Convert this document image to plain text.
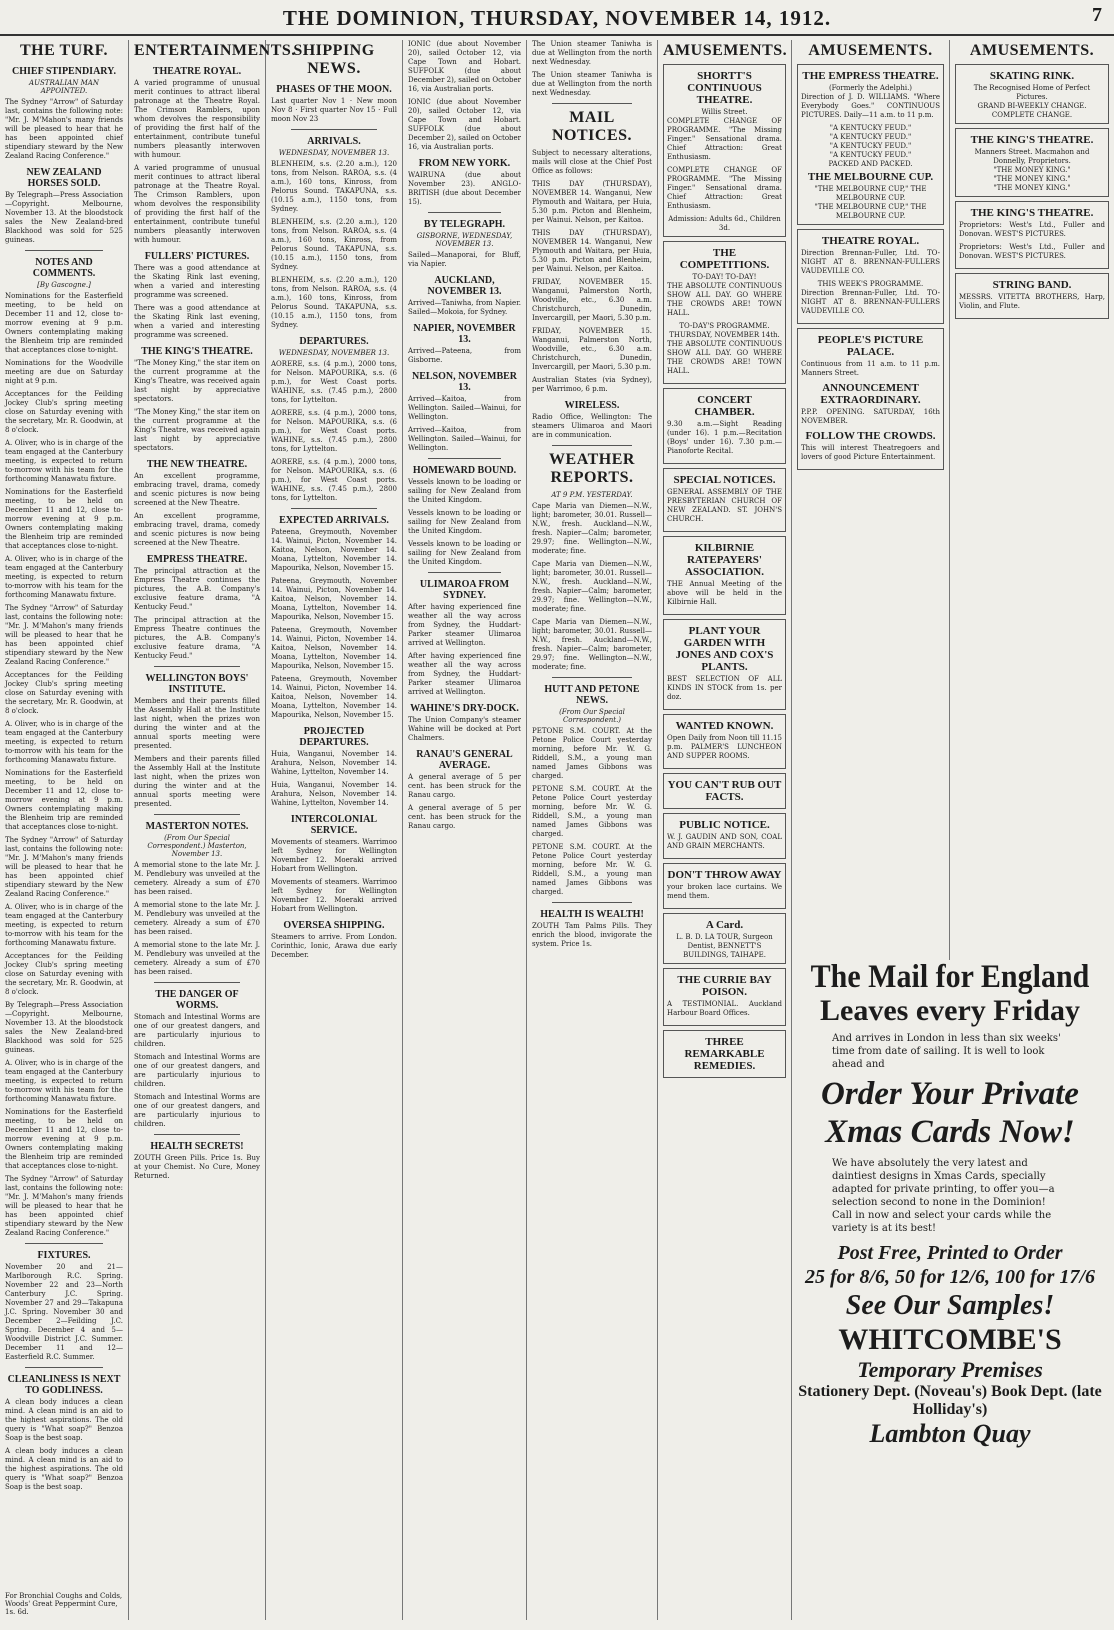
THE DOMINION, THURSDAY, NOVEMBER 14, 1912.	7
THE TURF.
CHIEF STIPENDIARY.
AUSTRALIAN MAN APPOINTED.
The Sydney "Arrow" of Saturday last, contains the following note: "Mr. J. M'Mahon's many friends will be pleased to hear that he has been appointed chief stipendiary steward by the New Zealand Racing Conference."
NEW ZEALAND HORSES SOLD.
By Telegraph—Press Association—Copyright. Melbourne, November 13. At the bloodstock sales the New Zealand-bred Blackhood was sold for 525 guineas.
NOTES AND COMMENTS.
[By Gascogne.]
Nominations for the Easterfield meeting, to be held on December 11 and 12, close to-morrow evening at 9 p.m. Owners contemplating making the Blenheim trip are reminded that acceptances close to-night.
Nominations for the Woodville meeting are due on Saturday night at 9 p.m.
Acceptances for the Feilding Jockey Club's spring meeting close on Saturday evening with the secretary, Mr. R. Goodwin, at 8 o'clock.
A. Oliver, who is in charge of the team engaged at the Canterbury meeting, is expected to return to-morrow with his team for the forthcoming Manawatu fixture.
Nominations for the Easterfield meeting, to be held on December 11 and 12, close to-morrow evening at 9 p.m. Owners contemplating making the Blenheim trip are reminded that acceptances close to-night.
A. Oliver, who is in charge of the team engaged at the Canterbury meeting, is expected to return to-morrow with his team for the forthcoming Manawatu fixture.
The Sydney "Arrow" of Saturday last, contains the following note: "Mr. J. M'Mahon's many friends will be pleased to hear that he has been appointed chief stipendiary steward by the New Zealand Racing Conference."
Acceptances for the Feilding Jockey Club's spring meeting close on Saturday evening with the secretary, Mr. R. Goodwin, at 8 o'clock.
A. Oliver, who is in charge of the team engaged at the Canterbury meeting, is expected to return to-morrow with his team for the forthcoming Manawatu fixture.
Nominations for the Easterfield meeting, to be held on December 11 and 12, close to-morrow evening at 9 p.m. Owners contemplating making the Blenheim trip are reminded that acceptances close to-night.
The Sydney "Arrow" of Saturday last, contains the following note: "Mr. J. M'Mahon's many friends will be pleased to hear that he has been appointed chief stipendiary steward by the New Zealand Racing Conference."
A. Oliver, who is in charge of the team engaged at the Canterbury meeting, is expected to return to-morrow with his team for the forthcoming Manawatu fixture.
Acceptances for the Feilding Jockey Club's spring meeting close on Saturday evening with the secretary, Mr. R. Goodwin, at 8 o'clock.
By Telegraph—Press Association—Copyright. Melbourne, November 13. At the bloodstock sales the New Zealand-bred Blackhood was sold for 525 guineas.
A. Oliver, who is in charge of the team engaged at the Canterbury meeting, is expected to return to-morrow with his team for the forthcoming Manawatu fixture.
Nominations for the Easterfield meeting, to be held on December 11 and 12, close to-morrow evening at 9 p.m. Owners contemplating making the Blenheim trip are reminded that acceptances close to-night.
The Sydney "Arrow" of Saturday last, contains the following note: "Mr. J. M'Mahon's many friends will be pleased to hear that he has been appointed chief stipendiary steward by the New Zealand Racing Conference."
FIXTURES.
November 20 and 21—Marlborough R.C. Spring. November 22 and 23—North Canterbury J.C. Spring. November 27 and 29—Takapuna J.C. Spring. November 30 and December 2—Feilding J.C. Spring. December 4 and 5—Woodville District J.C. Summer. December 11 and 12—Easterfield R.C. Summer.
CLEANLINESS IS NEXT TO GODLINESS.
A clean body induces a clean mind. A clean mind is an aid to the highest aspirations. The old query is "What soap?" Benzoa Soap is the best soap.
A clean body induces a clean mind. A clean mind is an aid to the highest aspirations. The old query is "What soap?" Benzoa Soap is the best soap.
For Bronchial Coughs and Colds, Woods' Great Peppermint Cure, 1s. 6d.
ENTERTAINMENTS.
THEATRE ROYAL.
A varied programme of unusual merit continues to attract liberal patronage at the Theatre Royal. The Crimson Ramblers, upon whom devolves the responsibility of providing the first half of the entertainment, contribute tuneful numbers pleasantly interwoven with humour.
A varied programme of unusual merit continues to attract liberal patronage at the Theatre Royal. The Crimson Ramblers, upon whom devolves the responsibility of providing the first half of the entertainment, contribute tuneful numbers pleasantly interwoven with humour.
FULLERS' PICTURES.
There was a good attendance at the Skating Rink last evening, when a varied and interesting programme was screened.
There was a good attendance at the Skating Rink last evening, when a varied and interesting programme was screened.
THE KING'S THEATRE.
"The Money King," the star item on the current programme at the King's Theatre, was received again last night by appreciative spectators.
"The Money King," the star item on the current programme at the King's Theatre, was received again last night by appreciative spectators.
THE NEW THEATRE.
An excellent programme, embracing travel, drama, comedy and scenic pictures is now being screened at the New Theatre.
An excellent programme, embracing travel, drama, comedy and scenic pictures is now being screened at the New Theatre.
EMPRESS THEATRE.
The principal attraction at the Empress Theatre continues the pictures, the A.B. Company's exclusive feature drama, "A Kentucky Feud."
The principal attraction at the Empress Theatre continues the pictures, the A.B. Company's exclusive feature drama, "A Kentucky Feud."
WELLINGTON BOYS' INSTITUTE.
Members and their parents filled the Assembly Hall at the Institute last night, when the prizes won during the winter and at the annual sports meeting were presented.
Members and their parents filled the Assembly Hall at the Institute last night, when the prizes won during the winter and at the annual sports meeting were presented.
MASTERTON NOTES.
(From Our Special Correspondent.) Masterton, November 13.
A memorial stone to the late Mr. J. M. Pendlebury was unveiled at the cemetery. Already a sum of £70 has been raised.
A memorial stone to the late Mr. J. M. Pendlebury was unveiled at the cemetery. Already a sum of £70 has been raised.
A memorial stone to the late Mr. J. M. Pendlebury was unveiled at the cemetery. Already a sum of £70 has been raised.
THE DANGER OF WORMS.
Stomach and Intestinal Worms are one of our greatest dangers, and are particularly injurious to children.
Stomach and Intestinal Worms are one of our greatest dangers, and are particularly injurious to children.
Stomach and Intestinal Worms are one of our greatest dangers, and are particularly injurious to children.
HEALTH SECRETS!
ZOUTH Green Pills. Price 1s. Buy at your Chemist. No Cure, Money Returned.
SHIPPING NEWS.
PHASES OF THE MOON.
Last quarter Nov 1 · New moon Nov 8 · First quarter Nov 15 · Full moon Nov 23
ARRIVALS.
WEDNESDAY, NOVEMBER 13.
BLENHEIM, s.s. (2.20 a.m.), 120 tons, from Nelson. RAROA, s.s. (4 a.m.), 160 tons, Kinross, from Pelorus Sound. TAKAPUNA, s.s. (10.15 a.m.), 1150 tons, from Sydney.
BLENHEIM, s.s. (2.20 a.m.), 120 tons, from Nelson. RAROA, s.s. (4 a.m.), 160 tons, Kinross, from Pelorus Sound. TAKAPUNA, s.s. (10.15 a.m.), 1150 tons, from Sydney.
BLENHEIM, s.s. (2.20 a.m.), 120 tons, from Nelson. RAROA, s.s. (4 a.m.), 160 tons, Kinross, from Pelorus Sound. TAKAPUNA, s.s. (10.15 a.m.), 1150 tons, from Sydney.
DEPARTURES.
WEDNESDAY, NOVEMBER 13.
AORERE, s.s. (4 p.m.), 2000 tons, for Nelson. MAPOURIKA, s.s. (6 p.m.), for West Coast ports. WAHINE, s.s. (7.45 p.m.), 2800 tons, for Lyttelton.
AORERE, s.s. (4 p.m.), 2000 tons, for Nelson. MAPOURIKA, s.s. (6 p.m.), for West Coast ports. WAHINE, s.s. (7.45 p.m.), 2800 tons, for Lyttelton.
AORERE, s.s. (4 p.m.), 2000 tons, for Nelson. MAPOURIKA, s.s. (6 p.m.), for West Coast ports. WAHINE, s.s. (7.45 p.m.), 2800 tons, for Lyttelton.
EXPECTED ARRIVALS.
Pateena, Greymouth, November 14. Wainui, Picton, November 14. Kaitoa, Nelson, November 14. Moana, Lyttelton, November 14. Mapourika, Nelson, November 15.
Pateena, Greymouth, November 14. Wainui, Picton, November 14. Kaitoa, Nelson, November 14. Moana, Lyttelton, November 14. Mapourika, Nelson, November 15.
Pateena, Greymouth, November 14. Wainui, Picton, November 14. Kaitoa, Nelson, November 14. Moana, Lyttelton, November 14. Mapourika, Nelson, November 15.
Pateena, Greymouth, November 14. Wainui, Picton, November 14. Kaitoa, Nelson, November 14. Moana, Lyttelton, November 14. Mapourika, Nelson, November 15.
PROJECTED DEPARTURES.
Huia, Wanganui, November 14. Arahura, Nelson, November 14. Wahine, Lyttelton, November 14.
Huia, Wanganui, November 14. Arahura, Nelson, November 14. Wahine, Lyttelton, November 14.
INTERCOLONIAL SERVICE.
Movements of steamers. Warrimoo left Sydney for Wellington November 12. Moeraki arrived Hobart from Wellington.
Movements of steamers. Warrimoo left Sydney for Wellington November 12. Moeraki arrived Hobart from Wellington.
OVERSEA SHIPPING.
Steamers to arrive. From London. Corinthic, Ionic, Arawa due early December.
IONIC (due about November 20), sailed October 12, via Cape Town and Hobart. SUFFOLK (due about December 2), sailed on October 16, via Australian ports.
IONIC (due about November 20), sailed October 12, via Cape Town and Hobart. SUFFOLK (due about December 2), sailed on October 16, via Australian ports.
FROM NEW YORK.
WAIRUNA (due about November 23). ANGLO-BRITISH (due about December 15).
BY TELEGRAPH.
GISBORNE, WEDNESDAY, NOVEMBER 13.
Sailed—Manaporai, for Bluff, via Napier.
AUCKLAND, NOVEMBER 13.
Arrived—Taniwha, from Napier. Sailed—Mokoia, for Sydney.
NAPIER, NOVEMBER 13.
Arrived—Pateena, from Gisborne.
NELSON, NOVEMBER 13.
Arrived—Kaitoa, from Wellington. Sailed—Wainui, for Wellington.
Arrived—Kaitoa, from Wellington. Sailed—Wainui, for Wellington.
HOMEWARD BOUND.
Vessels known to be loading or sailing for New Zealand from the United Kingdom.
Vessels known to be loading or sailing for New Zealand from the United Kingdom.
Vessels known to be loading or sailing for New Zealand from the United Kingdom.
ULIMAROA FROM SYDNEY.
After having experienced fine weather all the way across from Sydney, the Huddart-Parker steamer Ulimaroa arrived at Wellington.
After having experienced fine weather all the way across from Sydney, the Huddart-Parker steamer Ulimaroa arrived at Wellington.
WAHINE'S DRY-DOCK.
The Union Company's steamer Wahine will be docked at Port Chalmers.
RANAU'S GENERAL AVERAGE.
A general average of 5 per cent. has been struck for the Ranau cargo.
A general average of 5 per cent. has been struck for the Ranau cargo.
The Union steamer Taniwha is due at Wellington from the north next Wednesday.
The Union steamer Taniwha is due at Wellington from the north next Wednesday.
MAIL NOTICES.
Subject to necessary alterations, mails will close at the Chief Post Office as follows:
THIS DAY (THURSDAY), NOVEMBER 14. Wanganui, New Plymouth and Waitara, per Huia, 5.30 p.m. Picton and Blenheim, per Wainui. Nelson, per Kaitoa.
THIS DAY (THURSDAY), NOVEMBER 14. Wanganui, New Plymouth and Waitara, per Huia, 5.30 p.m. Picton and Blenheim, per Wainui. Nelson, per Kaitoa.
FRIDAY, NOVEMBER 15. Wanganui, Palmerston North, Woodville, etc., 6.30 a.m. Christchurch, Dunedin, Invercargill, per Maori, 5.30 p.m.
FRIDAY, NOVEMBER 15. Wanganui, Palmerston North, Woodville, etc., 6.30 a.m. Christchurch, Dunedin, Invercargill, per Maori, 5.30 p.m.
Australian States (via Sydney), per Warrimoo, 6 p.m.
WIRELESS.
Radio Office, Wellington: The steamers Ulimaroa and Maori are in communication.
WEATHER REPORTS.
AT 9 P.M. YESTERDAY.
Cape Maria van Diemen—N.W., light; barometer, 30.01. Russell—N.W., fresh. Auckland—N.W., fresh. Napier—Calm; barometer, 29.97; fine. Wellington—N.W., moderate; fine.
Cape Maria van Diemen—N.W., light; barometer, 30.01. Russell—N.W., fresh. Auckland—N.W., fresh. Napier—Calm; barometer, 29.97; fine. Wellington—N.W., moderate; fine.
Cape Maria van Diemen—N.W., light; barometer, 30.01. Russell—N.W., fresh. Auckland—N.W., fresh. Napier—Calm; barometer, 29.97; fine. Wellington—N.W., moderate; fine.
HUTT AND PETONE NEWS.
(From Our Special Correspondent.)
PETONE S.M. COURT. At the Petone Police Court yesterday morning, before Mr. W. G. Riddell, S.M., a young man named James Gibbons was charged.
PETONE S.M. COURT. At the Petone Police Court yesterday morning, before Mr. W. G. Riddell, S.M., a young man named James Gibbons was charged.
PETONE S.M. COURT. At the Petone Police Court yesterday morning, before Mr. W. G. Riddell, S.M., a young man named James Gibbons was charged.
HEALTH IS WEALTH!
ZOUTH Tam Palms Pills. They enrich the blood, invigorate the system. Price 1s.
AMUSEMENTS.
SHORTT'S CONTINUOUS THEATRE.
Willis Street.
COMPLETE CHANGE OF PROGRAMME. "The Missing Finger." Sensational drama. Chief Attraction: Great Enthusiasm.
COMPLETE CHANGE OF PROGRAMME. "The Missing Finger." Sensational drama. Chief Attraction: Great Enthusiasm.
Admission: Adults 6d., Children 3d.
THE COMPETITIONS.
TO-DAY! TO-DAY!
THE ABSOLUTE CONTINUOUS SHOW ALL DAY. GO WHERE THE CROWDS ARE! TOWN HALL.
TO-DAY'S PROGRAMME. THURSDAY, NOVEMBER 14th.
THE ABSOLUTE CONTINUOUS SHOW ALL DAY. GO WHERE THE CROWDS ARE! TOWN HALL.
CONCERT CHAMBER.
9.30 a.m.—Sight Reading (under 16). 1 p.m.—Recitation (Boys' under 16). 7.30 p.m.—Pianoforte Recital.
SPECIAL NOTICES.
GENERAL ASSEMBLY OF THE PRESBYTERIAN CHURCH OF NEW ZEALAND. ST. JOHN'S CHURCH.
KILBIRNIE RATEPAYERS' ASSOCIATION.
THE Annual Meeting of the above will be held in the Kilbirnie Hall.
PLANT YOUR GARDEN WITH JONES AND COX'S PLANTS.
BEST SELECTION OF ALL KINDS IN STOCK from 1s. per doz.
WANTED KNOWN.
Open Daily from Noon till 11.15 p.m. PALMER'S LUNCHEON AND SUPPER ROOMS.
YOU CAN'T RUB OUT FACTS.
PUBLIC NOTICE.
W. J. GAUDIN AND SON, COAL AND GRAIN MERCHANTS.
DON'T THROW AWAY
your broken lace curtains. We mend them.
A Card.
L. B. D. LA TOUR, Surgeon Dentist, BENNETT'S BUILDINGS, TAIHAPE.
THE CURRIE BAY POISON.
A TESTIMONIAL. Auckland Harbour Board Offices.
THREE REMARKABLE REMEDIES.
AMUSEMENTS.
THE EMPRESS THEATRE.
(Formerly the Adelphi.)
Direction of J. D. WILLIAMS. "Where Everybody Goes." CONTINUOUS PICTURES. Daily—11 a.m. to 11 p.m.
"A KENTUCKY FEUD."
"A KENTUCKY FEUD."
"A KENTUCKY FEUD."
"A KENTUCKY FEUD."
PACKED AND PACKED.
THE MELBOURNE CUP.
"THE MELBOURNE CUP," THE MELBOURNE CUP.
"THE MELBOURNE CUP," THE MELBOURNE CUP.
THEATRE ROYAL.
Direction Brennan-Fuller, Ltd. TO-NIGHT AT 8. BRENNAN-FULLERS VAUDEVILLE CO.
THIS WEEK'S PROGRAMME.
Direction Brennan-Fuller, Ltd. TO-NIGHT AT 8. BRENNAN-FULLERS VAUDEVILLE CO.
PEOPLE'S PICTURE PALACE.
Continuous from 11 a.m. to 11 p.m. Manners Street.
ANNOUNCEMENT EXTRAORDINARY.
P.P.P. OPENING. SATURDAY, 16th NOVEMBER.
FOLLOW THE CROWDS.
This will interest Theatregoers and lovers of good Picture Entertainment.
AMUSEMENTS.
SKATING RINK.
The Recognised Home of Perfect Pictures.
GRAND BI-WEEKLY CHANGE. COMPLETE CHANGE.
THE KING'S THEATRE.
Manners Street. Macmahon and Donnelly, Proprietors.
"THE MONEY KING."
"THE MONEY KING."
"THE MONEY KING."
THE KING'S THEATRE.
Proprietors: West's Ltd., Fuller and Donovan. WEST'S PICTURES.
Proprietors: West's Ltd., Fuller and Donovan. WEST'S PICTURES.
STRING BAND.
MESSRS. VITETTA BROTHERS, Harp, Violin, and Flute.
The Mail for England
Leaves every Friday
And arrives in London in less than six weeks' time from date of sailing. It is well to look ahead and
Order Your Private Xmas Cards Now!
We have absolutely the very latest and daintiest designs in Xmas Cards, specially adapted for private printing, to offer you—a selection second to none in the Dominion! Call in now and select your cards while the variety is at its best!
Post Free, Printed to Order
25 for 8/6, 50 for 12/6, 100 for 17/6
See Our Samples!
WHITCOMBE'S
Temporary Premises
Stationery Dept. (Noveau's) Book Dept. (late Holliday's)
Lambton Quay
